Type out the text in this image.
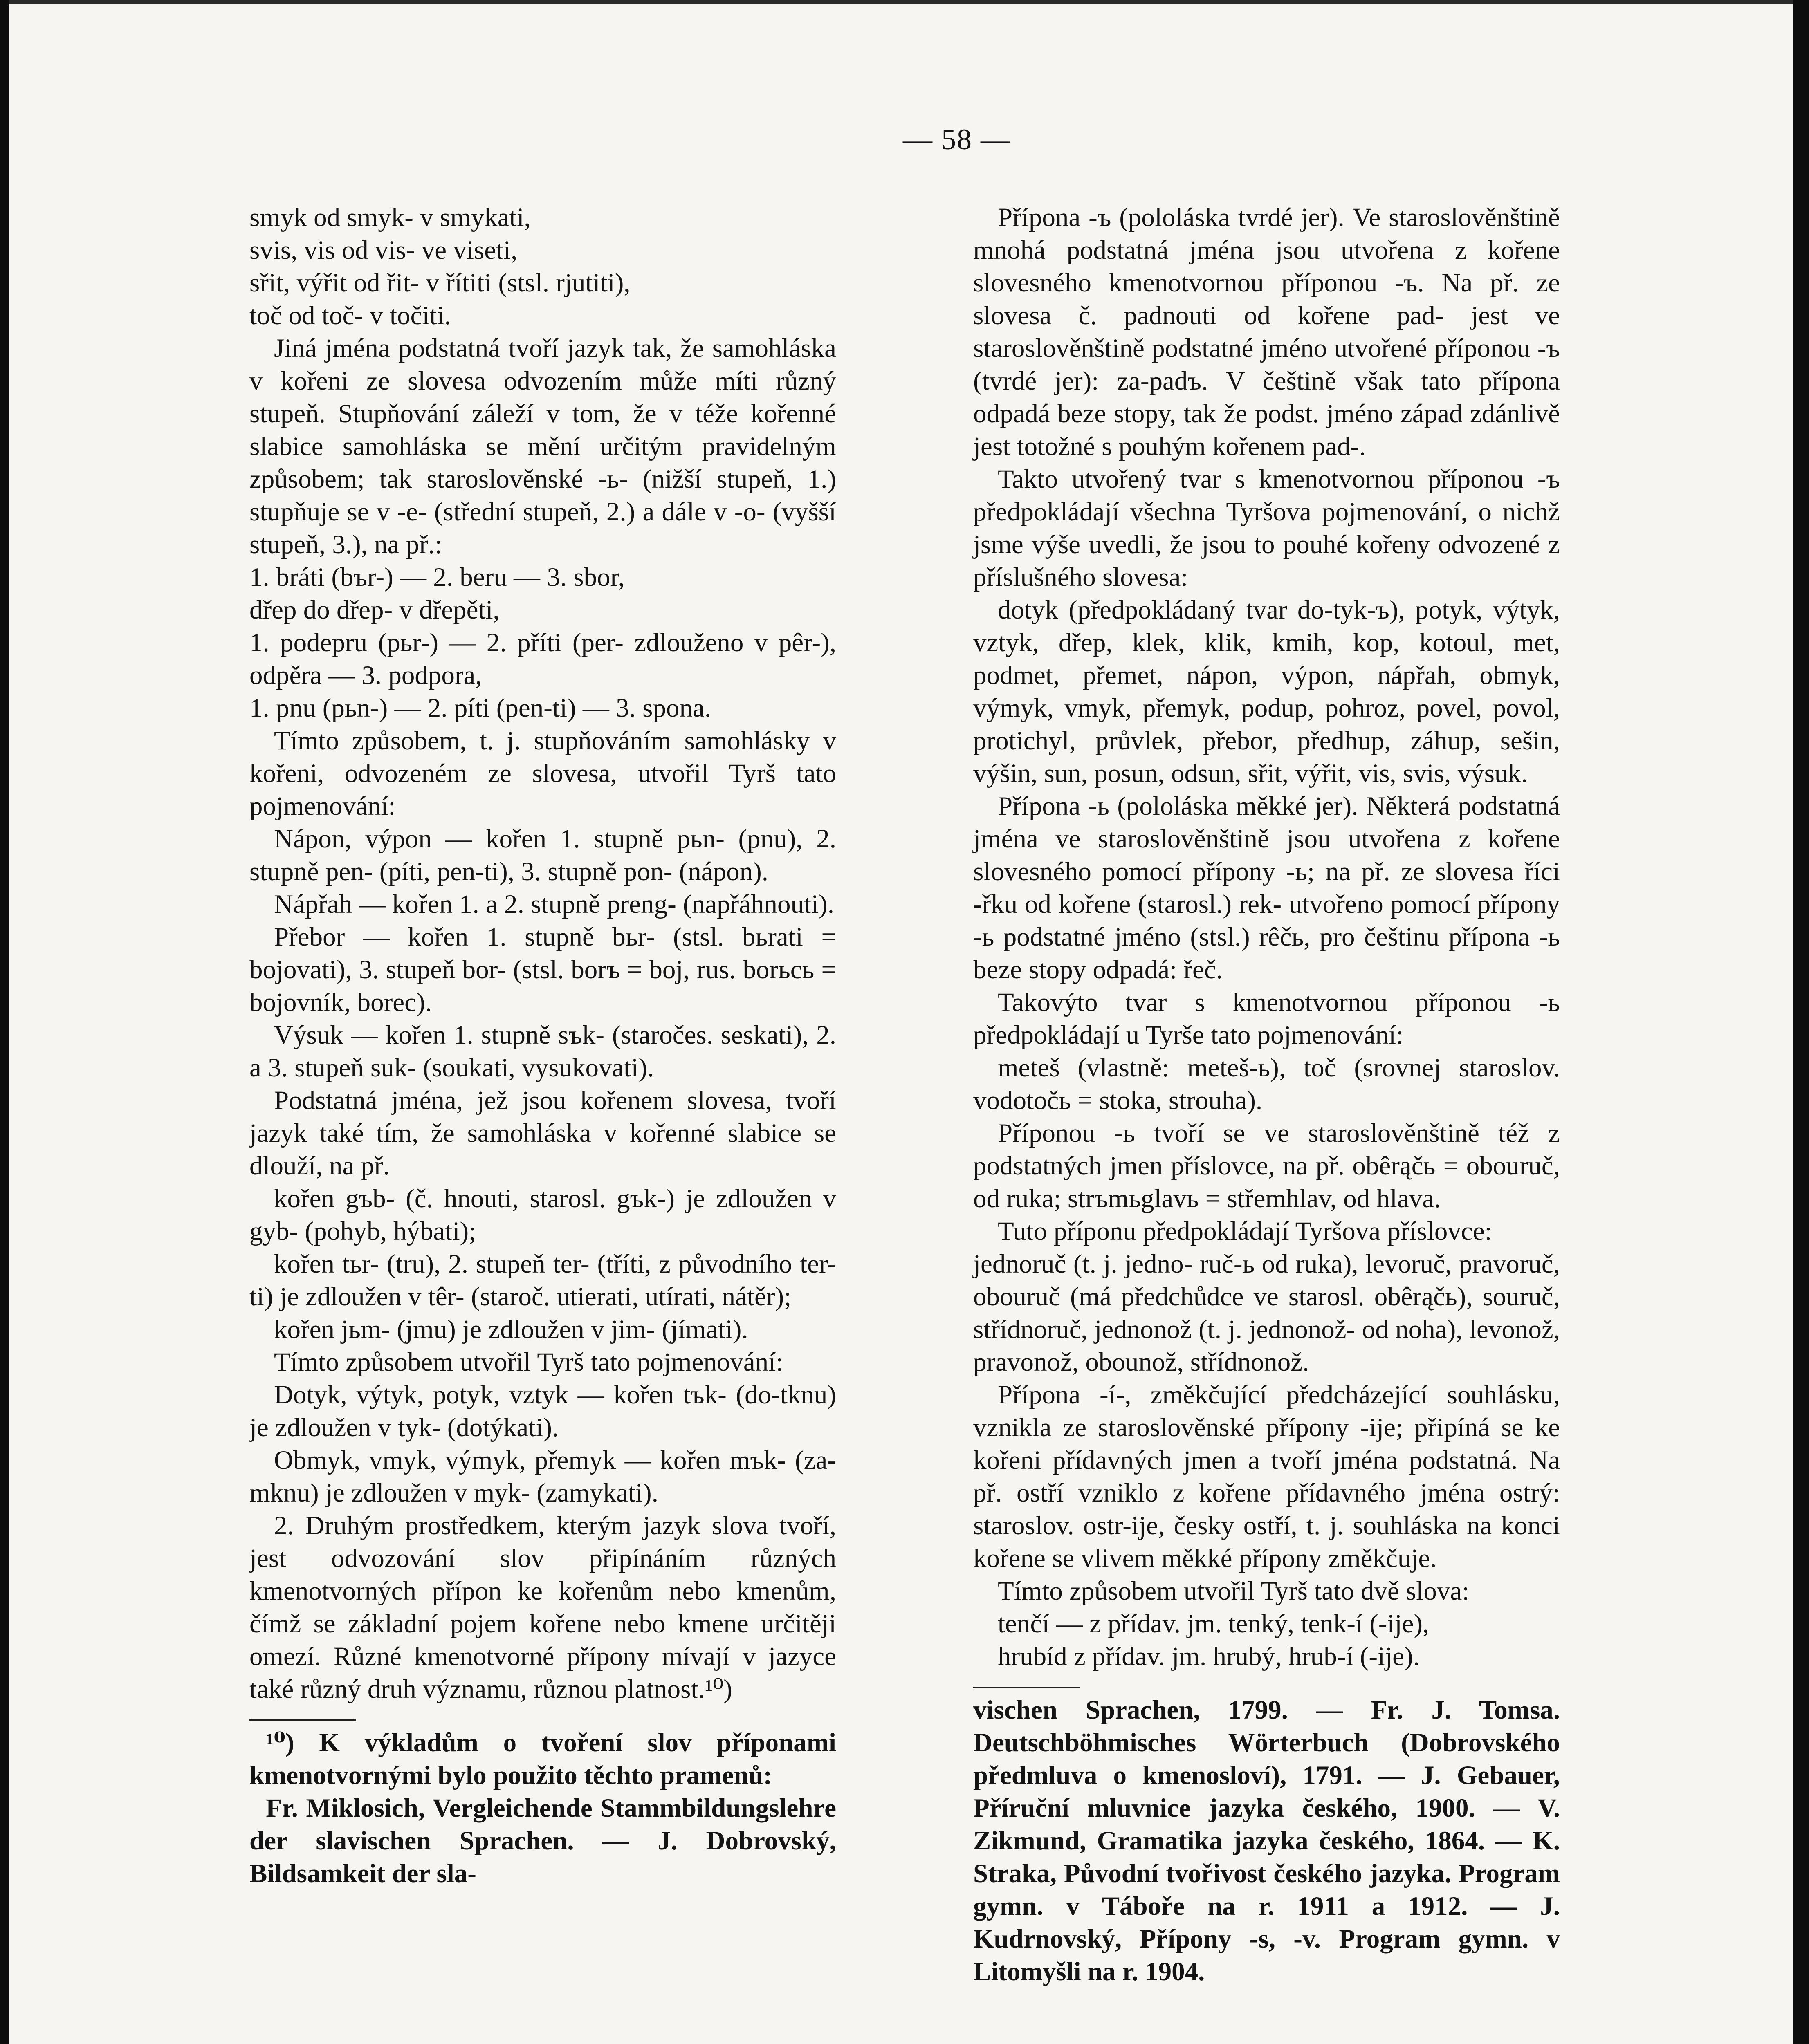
— 58 —

smyk od smyk- v smykati,

svis, vis od vis- ve viseti,

sřit, výřit od řit- v řítiti (stsl. rjutiti),

toč od toč- v točiti.

Jiná jména podstatná tvoří jazyk tak, že samohláska v kořeni ze slovesa odvozením může míti různý stupeň. Stupňování záleží v tom, že v téže kořenné slabice samohláska se mění určitým pravidelným způsobem; tak staroslověnské -ь- (nižší stupeň, 1.) stupňuje se v -e- (střední stupeň, 2.) a dále v -o- (vyšší stupeň, 3.), na př.:

1. bráti (bъr-) — 2. beru — 3. sbor,

dřep do dřep- v dřepěti,

1. podepru (pьr-) — 2. příti (per- zdlouženo v pêr-), odpěra — 3. podpora,

1. pnu (pьn-) — 2. píti (pen-ti) — 3. spona.

Tímto způsobem, t. j. stupňováním samohlásky v kořeni, odvozeném ze slovesa, utvořil Tyrš tato pojmenování:

Nápon, výpon — kořen 1. stupně pьn- (pnu), 2. stupně pen- (píti, pen-ti), 3. stupně pon- (nápon).

Nápřah — kořen 1. a 2. stupně preng- (napřáhnouti).

Přebor — kořen 1. stupně bьr- (stsl. bьrati = bojovati), 3. stupeň bor- (stsl. borъ = boj, rus. borьсь = bojovník, borec).

Výsuk — kořen 1. stupně sъk- (staročes. seskati), 2. a 3. stupeň suk- (soukati, vysukovati).

Podstatná jména, jež jsou kořenem slovesa, tvoří jazyk také tím, že samohláska v kořenné slabice se dlouží, na př.

kořen gъb- (č. hnouti, starosl. gъk-) je zdloužen v gyb- (pohyb, hýbati);

kořen tьr- (tru), 2. stupeň ter- (tříti, z původního ter-ti) je zdloužen v têr- (staroč. utierati, utírati, nátěr);

kořen jьm- (jmu) je zdloužen v jim- (jímati).

Tímto způsobem utvořil Tyrš tato pojmenování:

Dotyk, výtyk, potyk, vztyk — kořen tъk- (do-tknu) je zdloužen v tyk- (dotýkati).

Obmyk, vmyk, výmyk, přemyk — kořen mъk- (za-mknu) je zdloužen v myk- (zamykati).

2. Druhým prostředkem, kterým jazyk slova tvoří, jest odvozování slov připínáním různých kmenotvorných přípon ke kořenům nebo kmenům, čímž se základní pojem kořene nebo kmene určitěji omezí. Různé kmenotvorné přípony mívají v jazyce také různý druh významu, různou platnost.¹⁰)

¹⁰) K výkladům o tvoření slov příponami kmenotvornými bylo použito těchto pramenů:

Fr. Miklosich, Vergleichende Stammbildungslehre der slavischen Sprachen. — J. Dobrovský, Bildsamkeit der sla-

Přípona -ъ (pololáska tvrdé jer). Ve staroslověnštině mnohá podstatná jména jsou utvořena z kořene slovesného kmenotvornou příponou -ъ. Na př. ze slovesa č. padnouti od kořene pad- jest ve staroslověnštině podstatné jméno utvořené příponou -ъ (tvrdé jer): za-padъ. V češtině však tato přípona odpadá beze stopy, tak že podst. jméno západ zdánlivě jest totožné s pouhým kořenem pad-.

Takto utvořený tvar s kmenotvornou příponou -ъ předpokládají všechna Tyršova pojmenování, o nichž jsme výše uvedli, že jsou to pouhé kořeny odvozené z příslušného slovesa:

dotyk (předpokládaný tvar do-tyk-ъ), potyk, výtyk, vztyk, dřep, klek, klik, kmih, kop, kotoul, met, podmet, přemet, nápon, výpon, nápřah, obmyk, výmyk, vmyk, přemyk, podup, pohroz, povel, povol, protichyl, průvlek, přebor, předhup, záhup, sešin, výšin, sun, posun, odsun, sřit, výřit, vis, svis, výsuk.

Přípona -ь (pololáska měkké jer). Některá podstatná jména ve staroslověnštině jsou utvořena z kořene slovesného pomocí přípony -ь; na př. ze slovesa říci -řku od kořene (starosl.) rek- utvořeno pomocí přípony -ь podstatné jméno (stsl.) rêčь, pro češtinu přípona -ь beze stopy odpadá: řeč.

Takovýto tvar s kmenotvornou příponou -ь předpokládají u Tyrše tato pojmenování:

meteš (vlastně: meteš-ь), toč (srovnej staroslov. vodotočь = stoka, strouha).

Příponou -ь tvoří se ve staroslověnštině též z podstatných jmen příslovce, na př. obêrąčь = obouruč, od ruka; strъmьglavь = střemhlav, od hlava.

Tuto příponu předpokládají Tyršova příslovce:

jednoruč (t. j. jedno- ruč-ь od ruka), levoruč, pravoruč, obouruč (má předchůdce ve starosl. obêrąčь), souruč, střídnoruč, jednonož (t. j. jednonož- od noha), levonož, pravonož, obounož, střídnonož.

Přípona -í-, změkčující předcházející souhlásku, vznikla ze staroslověnské přípony -ije; připíná se ke kořeni přídavných jmen a tvoří jména podstatná. Na př. ostří vzniklo z kořene přídavného jména ostrý: staroslov. ostr-ije, česky ostří, t. j. souhláska na konci kořene se vlivem měkké přípony změkčuje.

Tímto způsobem utvořil Tyrš tato dvě slova:

tenčí — z přídav. jm. tenký, tenk-í (-ije),

hrubíd z přídav. jm. hrubý, hrub-í (-ije).

vischen Sprachen, 1799. — Fr. J. Tomsa. Deutschböhmisches Wörterbuch (Dobrovského předmluva o kmenosloví), 1791. — J. Gebauer, Příruční mluvnice jazyka českého, 1900. — V. Zikmund, Gramatika jazyka českého, 1864. — K. Straka, Původní tvořivost českého jazyka. Program gymn. v Táboře na r. 1911 a 1912. — J. Kudrnovský, Přípony -s, -v. Program gymn. v Litomyšli na r. 1904.
